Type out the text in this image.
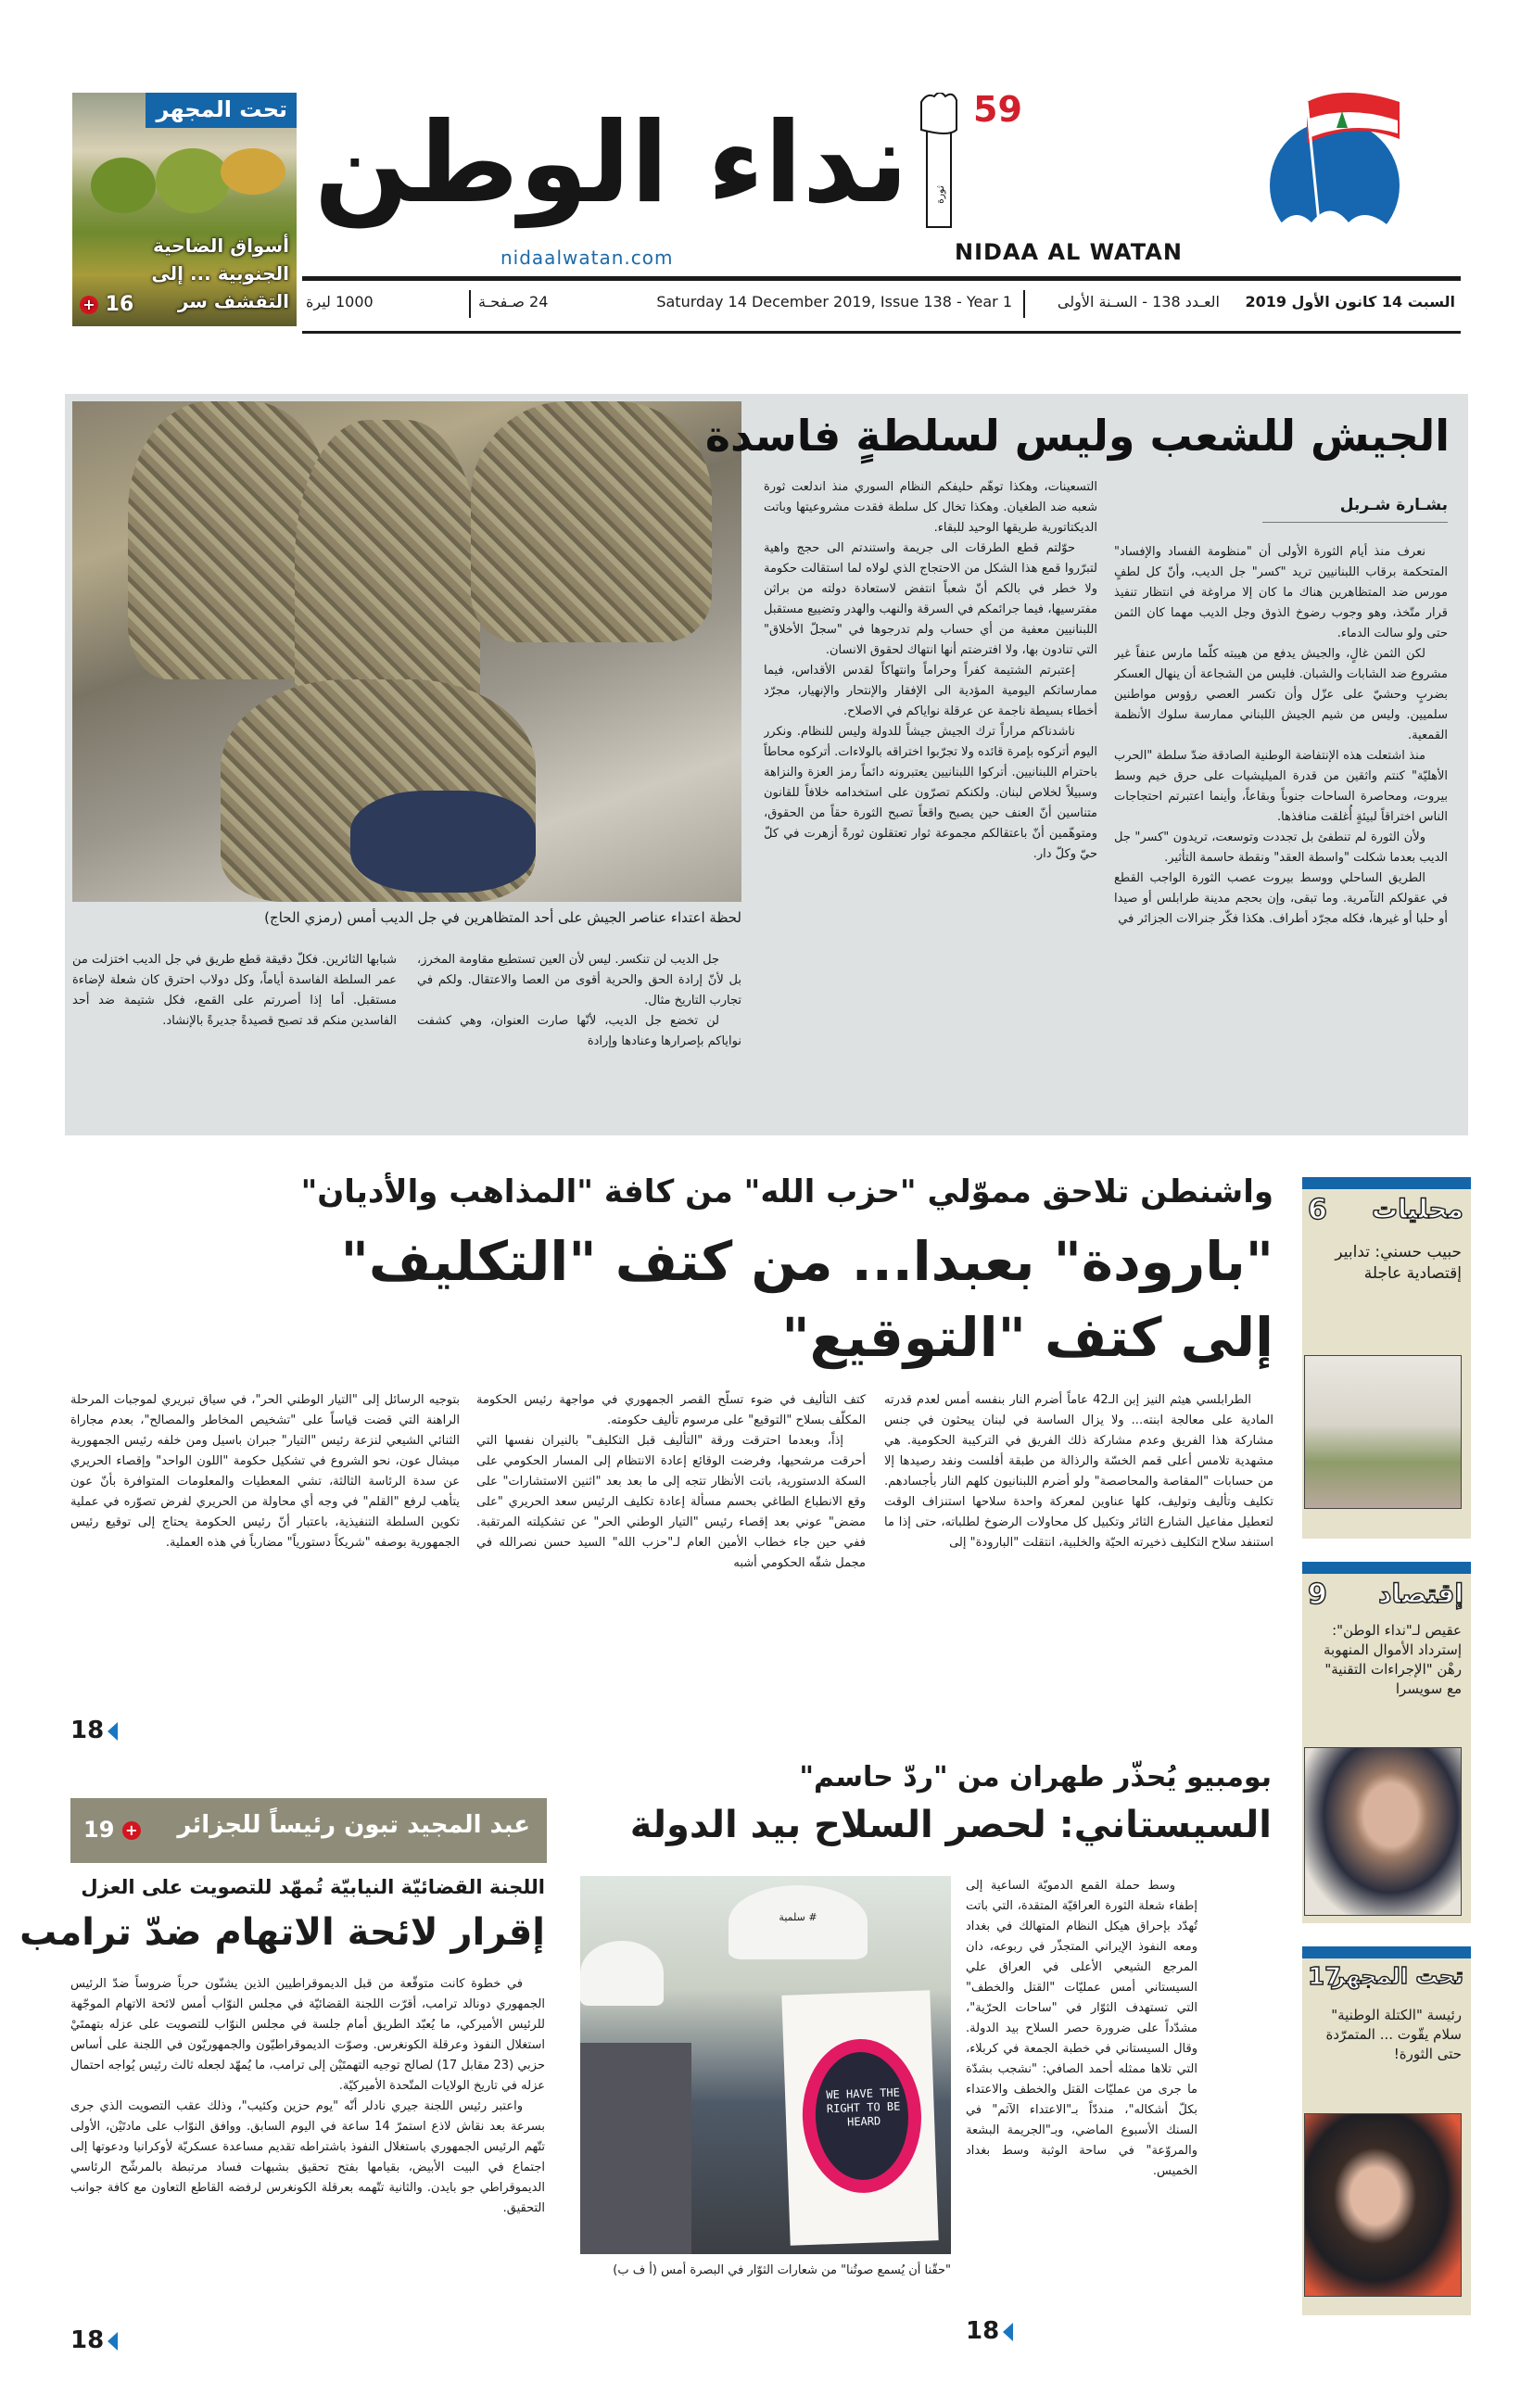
تحت المجهر
أسواق الضاحية الجنوبية ... إلى التقشف سر
+ 16
نداء الوطن	ثورة
59
nidaalwatan.com	NIDAA AL WATAN
السبت 14 كانون الأول 2019
العـدد 138 - السـنة الأولى
Saturday 14 December 2019, Issue 138 - Year 1
24 صـفحـة
1000 ليرة
الجيش للشعب وليس لسلطةٍ فاسدة
لحظة اعتداء عناصر الجيش على أحد المتظاهرين في جل الديب أمس (رمزي الحاج)
بشـارة شـربل

نعرف منذ أيام الثورة الأولى أن "منظومة الفساد والإفساد" المتحكمة برقاب اللبنانيين تريد "كسر" جل الديب، وأنّ كل لطفٍ مورس ضد المتظاهرين هناك ما كان إلا مراوغة في انتظار تنفيذ قرار متّخذ، وهو وجوب رضوخ الذوق وجل الديب مهما كان الثمن حتى ولو سالت الدماء.

لكن الثمن غالٍ، والجيش يدفع من هيبته كلّما مارس عنفاً غير مشروع ضد الشابات والشبان. فليس من الشجاعة أن ينهال العسكر بضربٍ وحشيّ على عزّل وأن تكسر العصي رؤوس مواطنين سلميين. وليس من شيم الجيش اللبناني ممارسة سلوك الأنظمة القمعية.

منذ اشتعلت هذه الإنتفاضة الوطنية الصادقة ضدّ سلطة "الحرب الأهليّة" كنتم واثقين من قدرة الميليشيات على حرق خيم وسط بيروت، ومحاصرة الساحات جنوباً وبقاعاً، وأينما اعتبرتم احتجاجات الناس اختراقاً لبيئةٍ أُغلقت منافذها.

ولأن الثورة لم تنطفئ بل تجددت وتوسعت، تريدون "كسر" جل الديب بعدما شكلت "واسطة العقد" ونقطة حاسمة التأثير.

الطريق الساحلي ووسط بيروت عصب الثورة الواجب القطع في عقولكم التآمرية. وما تبقى، وإن بحجم مدينة طرابلس أو صيدا أو حلبا أو غيرها، فكله مجرّد أطراف. هكذا فكّر جنرالات الجزائر في

التسعينات، وهكذا توهّم حليفكم النظام السوري منذ اندلعت ثورة شعبه ضد الطغيان. وهكذا تخال كل سلطة فقدت مشروعيتها وباتت الديكتاتورية طريقها الوحيد للبقاء.

حوّلتم قطع الطرقات الى جريمة واستندتم الى حجج واهية لتبرّروا قمع هذا الشكل من الاحتجاج الذي لولاه لما استقالت حكومة ولا خطر في بالكم أنّ شعباً انتفض لاستعادة دولته من براثن مفترسيها، فيما جرائمكم في السرقة والنهب والهدر وتضييع مستقبل اللبنانيين معفية من أي حساب ولم تدرجوها في "سجلّ الأخلاق" التي تنادون بها، ولا افترضتم أنها انتهاك لحقوق الانسان.

إعتبرتم الشتيمة كفراً وحراماً وانتهاكاً لقدس الأقداس، فيما ممارساتكم اليومية المؤدية الى الإفقار والإنتحار والإنهيار، مجرّد أخطاء بسيطة ناجمة عن عرقلة نواياكم في الاصلاح.

ناشدناكم مراراً ترك الجيش جيشاً للدولة وليس للنظام. ونكرر اليوم أتركوه بإمرة قائده ولا تجرّبوا اختراقه بالولاءات. أتركوه محاطاً باحترام اللبنانيين. أتركوا اللبنانيين يعتبرونه دائماً رمز العزة والنزاهة وسبيلاً لخلاص لبنان. ولكنكم تصرّون على استخدامه خلافاً للقانون متناسين أنّ العنف حين يصبح واقعاً تصبح الثورة حقاً من الحقوق، ومتوهّمين أنّ باعتقالكم مجموعة ثوار تعتقلون ثورةً أزهرت في كلّ حيّ وكلّ دار.

جل الديب لن تنكسر. ليس لأن العين تستطيع مقاومة المخرز، بل لأنّ إرادة الحق والحرية أقوى من العصا والاعتقال. ولكم في تجارب التاريخ مثال.

لن تخضع جل الديب، لأنّها صارت العنوان، وهي كشفت نواياكم بإصرارها وعنادها وإرادة

شبابها الثائرين. فكلّ دقيقة قطع طريق في جل الديب اختزلت من عمر السلطة الفاسدة أياماً، وكل دولاب احترق كان شعلة لإضاءة مستقبل. أما إذا أصررتم على القمع، فكل شتيمة ضد أحد الفاسدين منكم قد تصبح قصيدةً جديرةً بالإنشاد.

واشنطن تلاحق مموّلي "حزب الله" من كافة "المذاهب والأديان"
"بارودة" بعبدا... من كتف "التكليف"
إلى كتف "التوقيع"

الطرابلسي هيثم النيز إبن الـ42 عاماً أضرم النار بنفسه أمس لعدم قدرته المادية على معالجة ابنته... ولا يزال الساسة في لبنان يبحثون في جنس مشاركة هذا الفريق وعدم مشاركة ذلك الفريق في التركيبة الحكومية. هي مشهدية تلامس أعلى قمم الخسّة والرذالة من طبقة أفلست ونفد رصيدها إلا من حسابات "المقاصة والمحاصصة" ولو أضرم اللبنانيون كلهم النار بأجسادهم. تكليف وتأليف وتوليف، كلها عناوين لمعركة واحدة سلاحها استنزاف الوقت لتعطيل مفاعيل الشارع الثائر وتكبيل كل محاولات الرضوخ لطلباته، حتى إذا ما استنفد سلاح التكليف ذخيرته الحيّة والخلبية، انتقلت "البارودة" إلى

كتف التأليف في ضوء تسلّح القصر الجمهوري في مواجهة رئيس الحكومة المكلّف بسلاح "التوقيع" على مرسوم تأليف حكومته.

إذاً، وبعدما احترقت ورقة "التأليف قبل التكليف" بالنيران نفسها التي أحرقت مرشحيها، وفرضت الوقائع إعادة الانتظام إلى المسار الحكومي على السكة الدستورية، باتت الأنظار تتجه إلى ما بعد بعد "اثنين الاستشارات" على وقع الانطباع الطاغي بحسم مسألة إعادة تكليف الرئيس سعد الحريري "على مضض" عوني بعد إقصاء رئيس "التيار الوطني الحر" عن تشكيلته المرتقبة. ففي حين جاء خطاب الأمين العام لـ"حزب الله" السيد حسن نصرالله في مجمل شقّه الحكومي أشبه

بتوجيه الرسائل إلى "التيار الوطني الحر"، في سياق تبريري لموجبات المرحلة الراهنة التي قضت قياساً على "تشخيص المخاطر والمصالح"، بعدم مجاراة الثنائي الشيعي لنزعة رئيس "التيار" جبران باسيل ومن خلفه رئيس الجمهورية ميشال عون، نحو الشروع في تشكيل حكومة "اللون الواحد" وإقصاء الحريري عن سدة الرئاسة الثالثة، تشي المعطيات والمعلومات المتوافرة بأنّ عون يتأهب لرفع "القلم" في وجه أي محاولة من الحريري لفرض تصوّره في عملية تكوين السلطة التنفيذية، باعتبار أنّ رئيس الحكومة يحتاج إلى توقيع رئيس الجمهورية بوصفه "شريكاً دستورياً" مضارباً في هذه العملية.

18
محليات
6
حبيب حسني: تدابير إقتصادية عاجلة
إقتصاد
9
عقيص لـ"نداء الوطن": إسترداد الأموال المنهوبة رهْن "الإجراءات التقنية" مع سويسرا
تحت المجهر
17
رئيسة "الكتلة الوطنية" سلام يقّوت ... المتمرّدة حتى الثورة!
عبد المجيد تبون رئيساً للجزائر
19 +
بومبيو يُحذّر طهران من "ردّ حاسم"
السيستاني: لحصر السلاح بيد الدولة
# سلمية
WE HAVE THE RIGHT TO BE HEARD
"حقّنا أن يُسمع صوتُنا" من شعارات الثوّار في البصرة أمس (أ ف ب)

وسط حملة القمع الدمويّة الساعية إلى إطفاء شعلة الثورة العراقيّة المتقدة، التي باتت تُهدّد بإحراق هيكل النظام المتهالك في بغداد ومعه النفوذ الإيراني المتجذّر في ربوعه، دان المرجع الشيعي الأعلى في العراق علي السيستاني أمس عمليّات "القتل والخطف" التي تستهدف الثوّار في "ساحات الحرّية"، مشدّداً على ضرورة حصر السلاح بيد الدولة. وقال السيستاني في خطبة الجمعة في كربلاء، التي تلاها ممثله أحمد الصافي: "نشجب بشدّة ما جرى من عمليّات القتل والخطف والاعتداء بكلّ أشكاله"، منددّاً بـ"الاعتداء الآثم" في السنك الأسبوع الماضي، وبـ"الجريمة البشعة والمروّعة" في ساحة الوثبة وسط بغداد الخميس.

18
اللجنة القضائيّة النيابيّة تُمهّد للتصويت على العزل
إقرار لائحة الاتهام ضدّ ترامب

في خطوة كانت متوقّعة من قبل الديموقراطيين الذين يشنّون حرباً ضروساً ضدّ الرئيس الجمهوري دونالد ترامب، أقرّت اللجنة القضائيّة في مجلس النوّاب أمس لائحة الاتهام الموجّهة للرئيس الأميركي، ما يُعبّد الطريق أمام جلسة في مجلس النوّاب للتصويت على عزله بتهمتَيْ استغلال النفوذ وعرقلة الكونغرس. وصوّت الديموقراطيّون والجمهوريّون في اللجنة على أساس حزبي (23 مقابل 17) لصالح توجيه التهمتَيْن إلى ترامب، ما يُمهّد لجعله ثالث رئيس يُواجه احتمال عزله في تاريخ الولايات المتّحدة الأميركيّة.

واعتبر رئيس اللجنة جيري نادلر أنّه "يوم حزين وكئيب"، وذلك عقب التصويت الذي جرى بسرعة بعد نقاش لاذع استمرّ 14 ساعة في اليوم السابق. ووافق النوّاب على مادتَيْن، الأولى تتّهم الرئيس الجمهوري باستغلال النفوذ باشتراطه تقديم مساعدة عسكريّة لأوكرانيا ودعوتها إلى اجتماع في البيت الأبيض، بقيامها بفتح تحقيق بشبهات فساد مرتبطة بالمرشّح الرئاسي الديموقراطي جو بايدن. والثانية تتّهمه بعرقلة الكونغرس لرفضه القاطع التعاون مع كافة جوانب التحقيق.

18
